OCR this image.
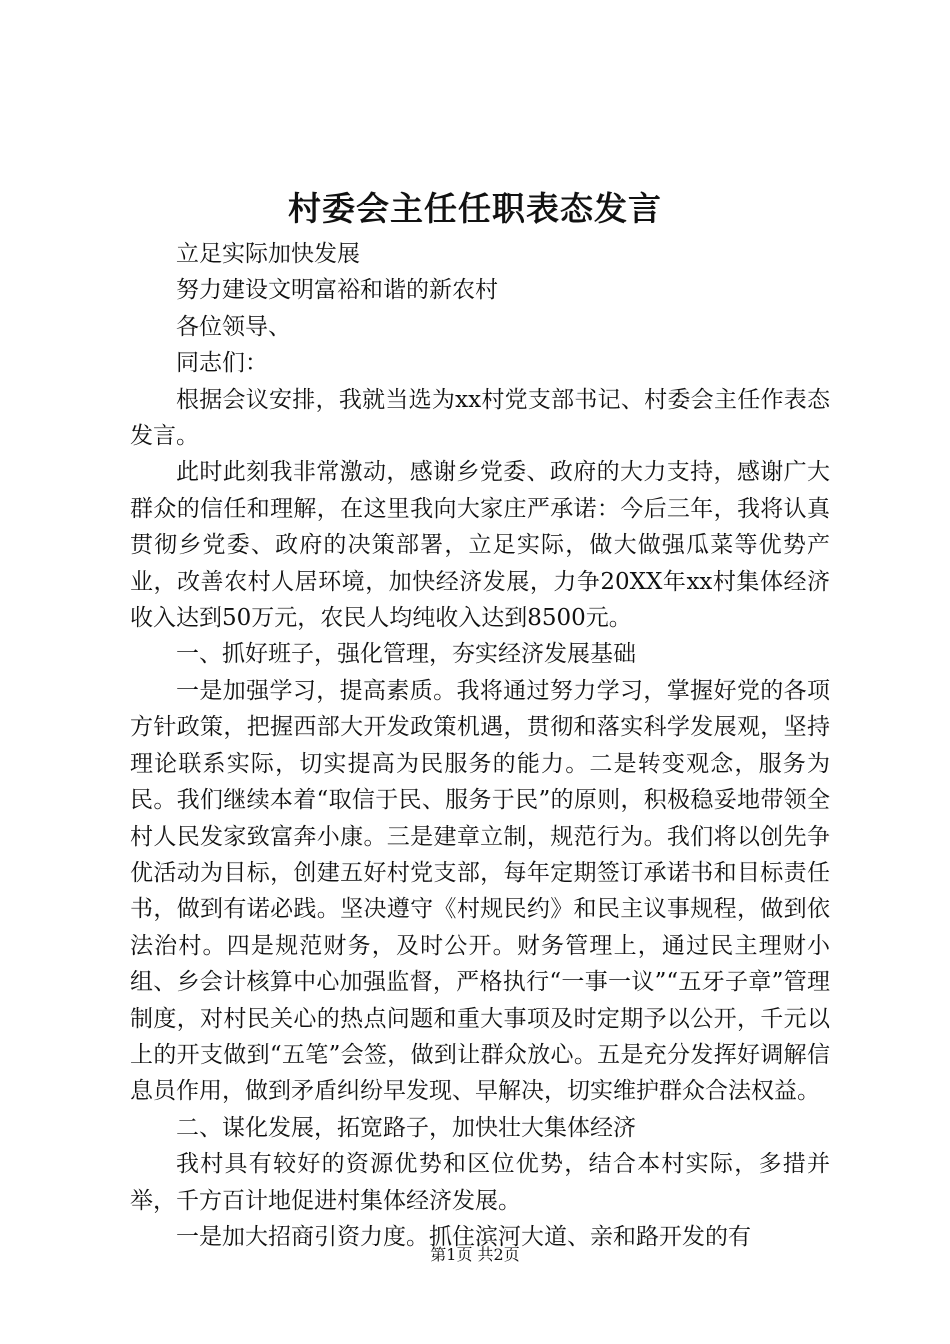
村委会主任任职表态发言

立足实际加快发展

努力建设文明富裕和谐的新农村

各位领导、

同志们：

根据会议安排，我就当选为xx村党支部书记、村委会主任作表态发言。

此时此刻我非常激动，感谢乡党委、政府的大力支持，感谢广大群众的信任和理解，在这里我向大家庄严承诺：今后三年，我将认真贯彻乡党委、政府的决策部署，立足实际，做大做强瓜菜等优势产业，改善农村人居环境，加快经济发展，力争20XX年xx村集体经济收入达到50万元，农民人均纯收入达到8500元。

一、抓好班子，强化管理，夯实经济发展基础

一是加强学习，提高素质。我将通过努力学习，掌握好党的各项方针政策，把握西部大开发政策机遇，贯彻和落实科学发展观，坚持理论联系实际，切实提高为民服务的能力。二是转变观念，服务为民。我们继续本着“取信于民、服务于民”的原则，积极稳妥地带领全村人民发家致富奔小康。三是建章立制，规范行为。我们将以创先争优活动为目标，创建五好村党支部，每年定期签订承诺书和目标责任书，做到有诺必践。坚决遵守《村规民约》和民主议事规程，做到依法治村。四是规范财务，及时公开。财务管理上，通过民主理财小组、乡会计核算中心加强监督，严格执行“一事一议”“五牙子章”管理制度，对村民关心的热点问题和重大事项及时定期予以公开，千元以上的开支做到“五笔”会签，做到让群众放心。五是充分发挥好调解信息员作用，做到矛盾纠纷早发现、早解决，切实维护群众合法权益。

二、谋化发展，拓宽路子，加快壮大集体经济

我村具有较好的资源优势和区位优势，结合本村实际，多措并举，千方百计地促进村集体经济发展。

一是加大招商引资力度。抓住滨河大道、亲和路开发的有

第1页 共2页
